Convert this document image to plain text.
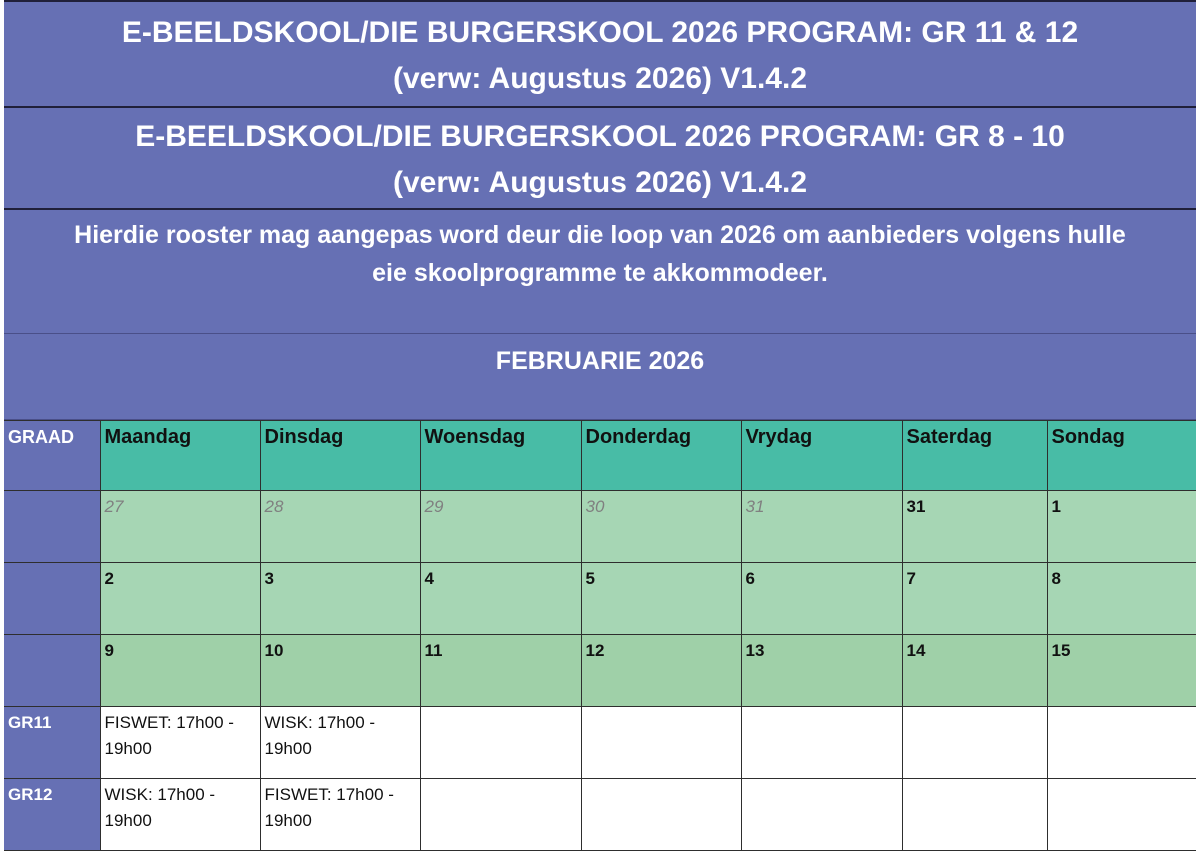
E-BEELDSKOOL/DIE BURGERSKOOL 2026 PROGRAM: GR 11 & 12
(verw: Augustus 2026) V1.4.2
E-BEELDSKOOL/DIE BURGERSKOOL 2026 PROGRAM: GR 8 - 10
(verw: Augustus 2026) V1.4.2
Hierdie rooster mag aangepas word deur die loop van 2026 om aanbieders volgens hulle
eie skoolprogramme te akkommodeer.
FEBRUARIE 2026
GRAAD	Maandag	Dinsdag	Woensdag	Donderdag	Vrydag	Saterdag	Sondag
	27	28	29	30	31	31	1
	2	3	4	5	6	7	8
	9	10	11	12	13	14	15
GR11	FISWET: 17h00 - 19h00	WISK: 17h00 - 19h00					
GR12	WISK: 17h00 - 19h00	FISWET: 17h00 - 19h00					
